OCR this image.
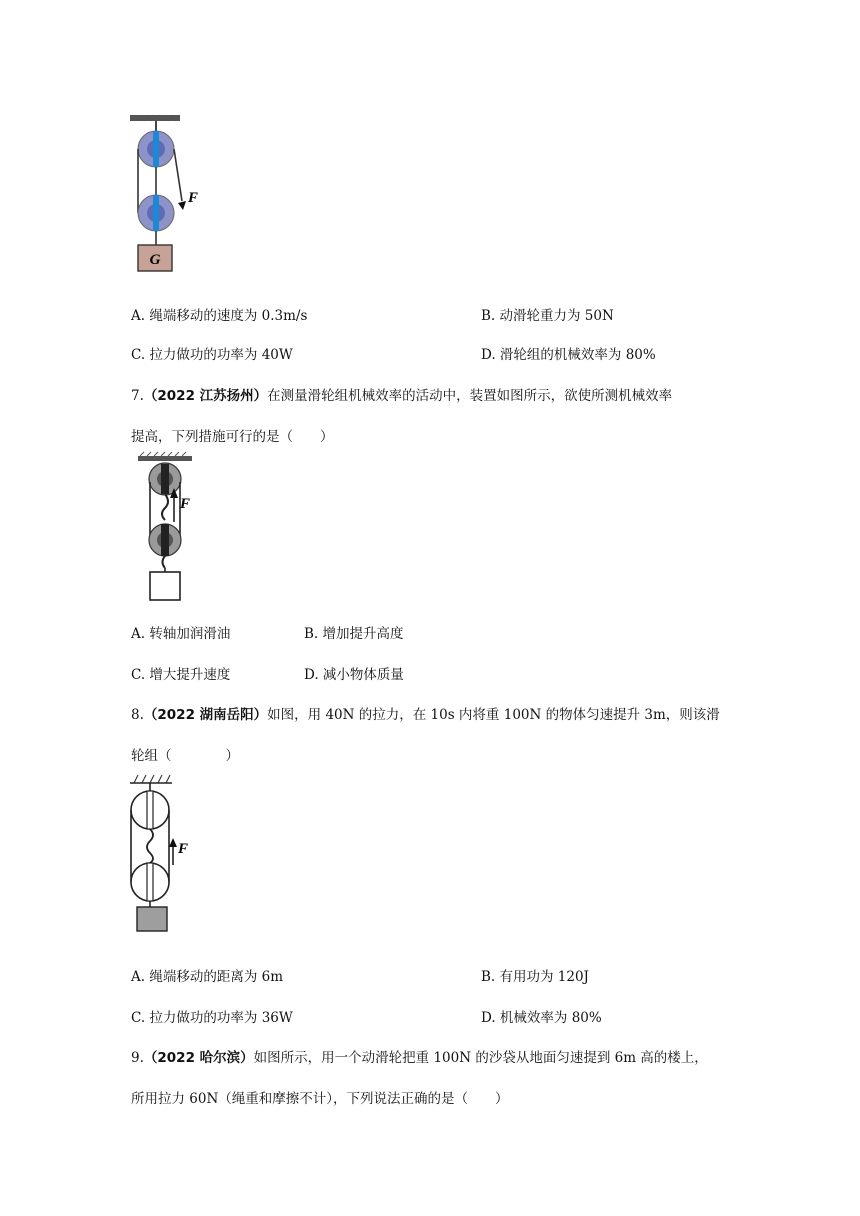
F
G
A. 绳端移动的速度为 0.3m/s	B. 动滑轮重力为 50N
C. 拉力做功的功率为 40W	D. 滑轮组的机械效率为 80%
7.（2022 江苏扬州）在测量滑轮组机械效率的活动中，装置如图所示，欲使所测机械效率
提高，下列措施可行的是（　　）
F
A. 转轴加润滑油	B. 增加提升高度
C. 增大提升速度	D. 减小物体质量
8.（2022 湖南岳阳）如图，用 40N 的拉力，在 10s 内将重 100N 的物体匀速提升 3m，则该滑
轮组（　　　　）
F
A. 绳端移动的距离为 6m	B. 有用功为 120J
C. 拉力做功的功率为 36W	D. 机械效率为 80%
9.（2022 哈尔滨）如图所示，用一个动滑轮把重 100N 的沙袋从地面匀速提到 6m 高的楼上，
所用拉力 60N（绳重和摩擦不计），下列说法正确的是（　　）
